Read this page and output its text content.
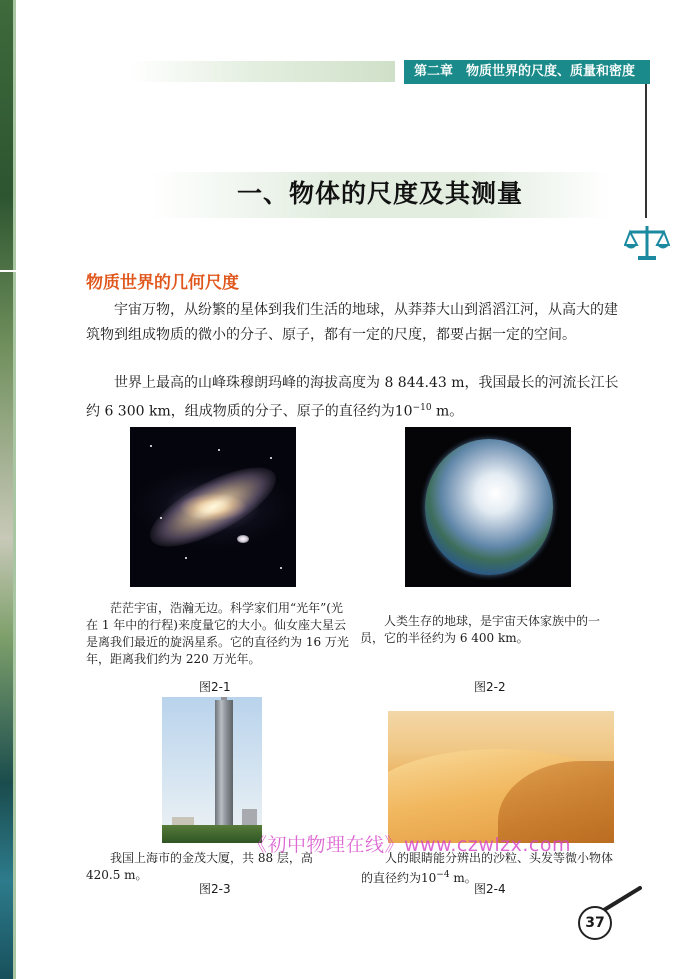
第二章　物质世界的尺度、质量和密度
一、物体的尺度及其测量
物质世界的几何尺度
宇宙万物，从纷繁的星体到我们生活的地球，从莽莽大山到滔滔江河，从高大的建筑物到组成物质的微小的分子、原子，都有一定的尺度，都要占据一定的空间。
世界上最高的山峰珠穆朗玛峰的海拔高度为 8 844.43 m，我国最长的河流长江长约 6 300 km，组成物质的分子、原子的直径约为$10^{-10}$ m。
茫茫宇宙，浩瀚无边。科学家们用“光年”(光在 1 年中的行程)来度量它的大小。仙女座大星云是离我们最近的旋涡星系。它的直径约为 16 万光年，距离我们约为 220 万光年。
人类生存的地球，是宇宙天体家族中的一员，它的半径约为 6 400 km。
图2-1	图2-2
《初中物理在线》www.czwlzx.com
我国上海市的金茂大厦，共 88 层，高 420.5 m。
人的眼睛能分辨出的沙粒、头发等微小物体的直径约为$10^{-4}$ m。
图2-3	图2-4
37
